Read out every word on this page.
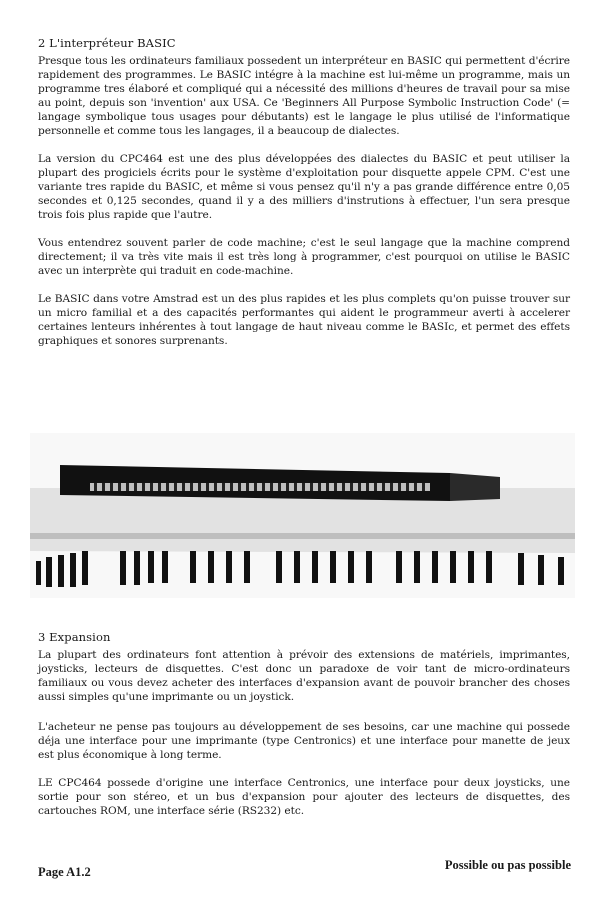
2 L'interpréteur BASIC
Presque tous les ordinateurs familiaux possedent un interpréteur en BASIC qui permettent d'écrire rapidement des programmes. Le BASIC intégre à la machine est lui-même un programme, mais un programme tres élaboré et compliqué qui a nécessité des millions d'heures de travail pour sa mise au point, depuis son 'invention' aux USA. Ce 'Beginners All Purpose Symbolic Instruction Code' (= langage symbolique tous usages pour débutants) est le langage le plus utilisé de l'informatique personnelle et comme tous les langages, il a beaucoup de dialectes.
La version du CPC464 est une des plus développées des dialectes du BASIC et peut utiliser la plupart des progiciels écrits pour le système d'exploitation pour disquette appele CPM. C'est une variante tres rapide du BASIC, et même si vous pensez qu'il n'y a pas grande différence entre 0,05 secondes et 0,125 secondes, quand il y a des milliers d'instrutions à effectuer, l'un sera presque trois fois plus rapide que l'autre.
Vous entendrez souvent parler de code machine; c'est le seul langage que la machine comprend directement; il va très vite mais il est très long à programmer, c'est pourquoi on utilise le BASIC avec un interprète qui traduit en code-machine.
Le BASIC dans votre Amstrad est un des plus rapides et les plus complets qu'on puisse trouver sur un micro familial et a des capacités performantes qui aident le programmeur averti à accelerer certaines lenteurs inhérentes à tout langage de haut niveau comme le BASIc, et permet des effets graphiques et sonores surprenants.
3 Expansion
La plupart des ordinateurs font attention à prévoir des extensions de matériels, imprimantes, joysticks, lecteurs de disquettes. C'est donc un paradoxe de voir tant de micro-ordinateurs familiaux ou vous devez acheter des interfaces d'expansion avant de pouvoir brancher des choses aussi simples qu'une imprimante ou un joystick.
L'acheteur ne pense pas toujours au développement de ses besoins, car une machine qui possede déja une interface pour une imprimante (type Centronics) et une interface pour manette de jeux est plus économique à long terme.
LE CPC464 possede d'origine une interface Centronics, une interface pour deux joysticks, une sortie pour son stéreo, et un bus d'expansion pour ajouter des lecteurs de disquettes, des cartouches ROM, une interface série (RS232) etc.
Page A1.2	Possible ou pas possible
